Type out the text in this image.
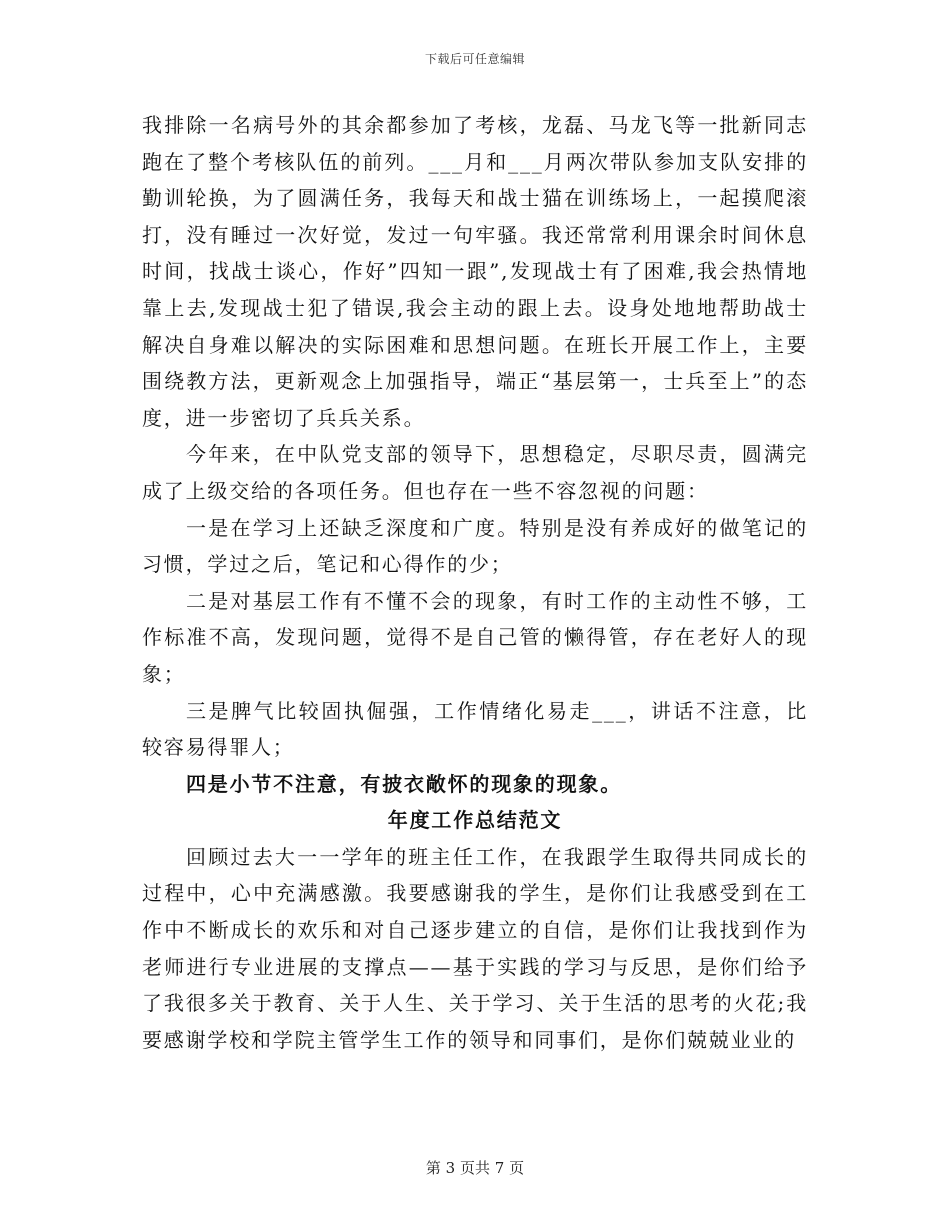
下载后可任意编辑

我排除一名病号外的其余都参加了考核，龙磊、马龙飞等一批新同志跑在了整个考核队伍的前列。___月和___月两次带队参加支队安排的勤训轮换，为了圆满任务，我每天和战士猫在训练场上，一起摸爬滚打，没有睡过一次好觉，发过一句牢骚。我还常常利用课余时间休息时间，找战士谈心，作好”四知一跟”,发现战士有了困难,我会热情地靠上去,发现战士犯了错误,我会主动的跟上去。设身处地地帮助战士解决自身难以解决的实际困难和思想问题。在班长开展工作上，主要围绕教方法，更新观念上加强指导，端正“基层第一，士兵至上”的态度，进一步密切了兵兵关系。

今年来，在中队党支部的领导下，思想稳定，尽职尽责，圆满完成了上级交给的各项任务。但也存在一些不容忽视的问题：

一是在学习上还缺乏深度和广度。特别是没有养成好的做笔记的习惯，学过之后，笔记和心得作的少；

二是对基层工作有不懂不会的现象，有时工作的主动性不够，工作标准不高，发现问题，觉得不是自己管的懒得管，存在老好人的现象；

三是脾气比较固执倔强，工作情绪化易走___，讲话不注意，比较容易得罪人；

四是小节不注意，有披衣敞怀的现象的现象。

年度工作总结范文

回顾过去大一一学年的班主任工作，在我跟学生取得共同成长的过程中，心中充满感激。我要感谢我的学生，是你们让我感受到在工作中不断成长的欢乐和对自己逐步建立的自信，是你们让我找到作为老师进行专业进展的支撑点——基于实践的学习与反思，是你们给予了我很多关于教育、关于人生、关于学习、关于生活的思考的火花;我要感谢学校和学院主管学生工作的领导和同事们，是你们兢兢业业的

第 3 页共 7 页
